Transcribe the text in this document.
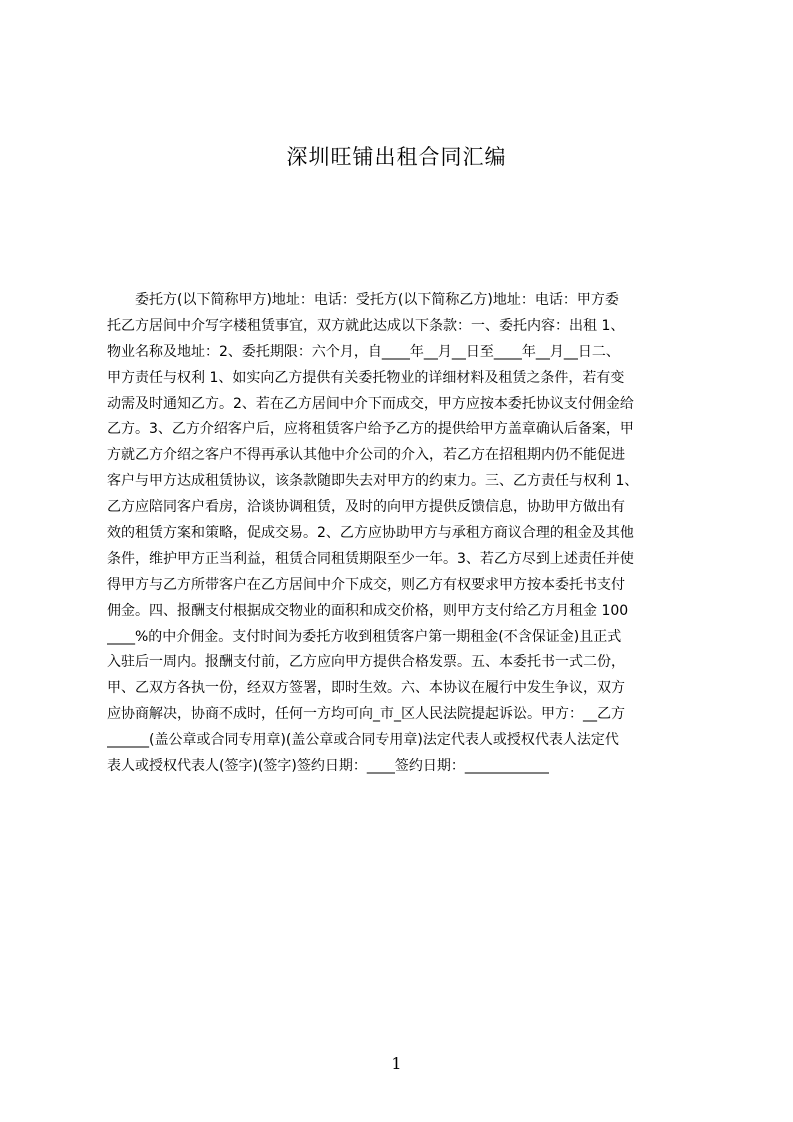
深圳旺铺出租合同汇编
　　委托方(以下简称甲方)地址：电话：受托方(以下简称乙方)地址：电话：甲方委
托乙方居间中介写字楼租赁事宜，双方就此达成以下条款：一、委托内容：出租 1、
物业名称及地址：2、委托期限：六个月，自____年__月__日至____年__月__日二、
甲方责任与权利 1、如实向乙方提供有关委托物业的详细材料及租赁之条件，若有变
动需及时通知乙方。2、若在乙方居间中介下而成交，甲方应按本委托协议支付佣金给
乙方。3、乙方介绍客户后，应将租赁客户给予乙方的提供给甲方盖章确认后备案，甲
方就乙方介绍之客户不得再承认其他中介公司的介入，若乙方在招租期内仍不能促进
客户与甲方达成租赁协议，该条款随即失去对甲方的约束力。三、乙方责任与权利 1、
乙方应陪同客户看房，洽谈协调租赁，及时的向甲方提供反馈信息，协助甲方做出有
效的租赁方案和策略，促成交易。2、乙方应协助甲方与承租方商议合理的租金及其他
条件，维护甲方正当利益，租赁合同租赁期限至少一年。3、若乙方尽到上述责任并使
得甲方与乙方所带客户在乙方居间中介下成交，则乙方有权要求甲方按本委托书支付
佣金。四、报酬支付根据成交物业的面积和成交价格，则甲方支付给乙方月租金 100
____%的中介佣金。支付时间为委托方收到租赁客户第一期租金(不含保证金)且正式
入驻后一周内。报酬支付前，乙方应向甲方提供合格发票。五、本委托书一式二份，
甲、乙双方各执一份，经双方签署，即时生效。六、本协议在履行中发生争议，双方
应协商解决，协商不成时，任何一方均可向_市_区人民法院提起诉讼。甲方：__乙方
______(盖公章或合同专用章)(盖公章或合同专用章)法定代表人或授权代表人法定代
表人或授权代表人(签字)(签字)签约日期：____签约日期：____________
1
